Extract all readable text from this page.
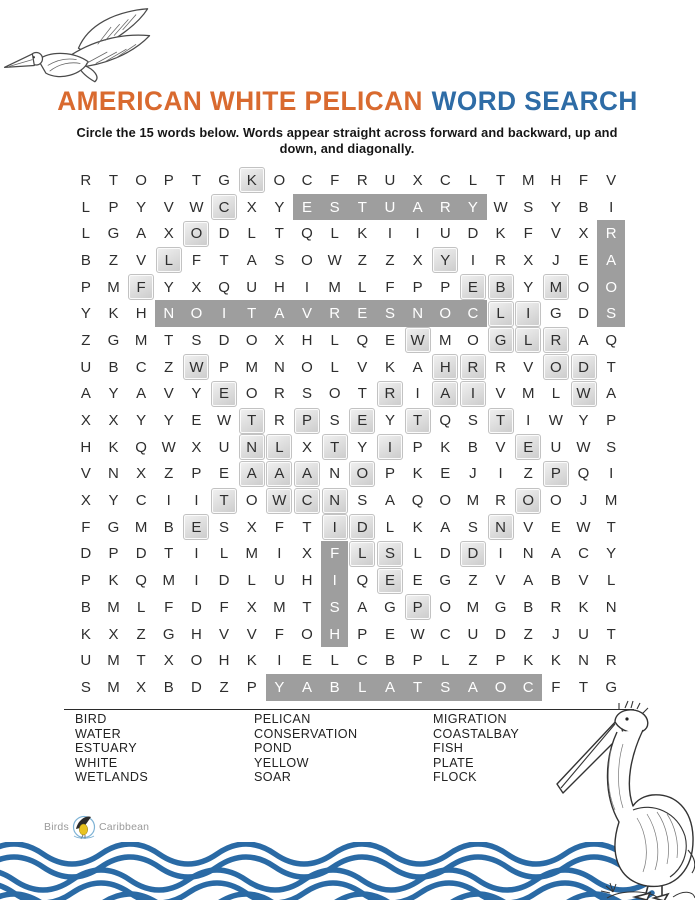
AMERICAN WHITE PELICAN WORD SEARCH

Circle the 15 words below. Words appear straight across forward and backward, up and down, and diagonally.

R T O P T G	K	O C F R U X C L T M H F V
L P Y V W	C	X Y E S T U A R Y W S Y B I
L G A X	O	D L T Q L K I I U D K F V X R
B Z V	L	F T A S O W Z Z X	Y	I R X J E A
P M	F	Y X Q U H I M L F P P	E	B	Y	M	O O
Y K H N O I T A V R E S N O C	L	I	G D S
Z G M T S D O X H L Q E	W M O	G	L	R	A Q
U B C Z	W	P M N O L V K A	H	R	R V	O	D	T
A Y A V Y	E	O R S O T	R	I	A	I	V M L	W	A
X X Y Y E W	T	R	P	S	E	Y	T	Q S	T	I W Y P
H K Q W X U	N	L	X	T	Y	I	P K B V	E	U W S
V N X Z P E	A	A	A	N	O	P K E J I Z	P	Q I
X Y C I I	T	O W	C	N	S A Q O M R	O	O J M
F G M B	E	S X F T	I	D	L K A S	N	V E W T
D P D T I L M I X F	L	S	L D	D	I N A C Y
P K Q M I D L U H I Q	E	E G Z V A B V L
B M L F D F X M T S A G	P	O M G B R K N
K X Z G H V V F O H P E W C U D Z J U T
U M T X O H K I E L C B P L Z P K K N R
S M X B D Z P Y A B L A T S A O C F T G
BIRD
WATER
ESTUARY
WHITE
WETLANDS
PELICAN
CONSERVATION
POND
YELLOW
SOAR
MIGRATION
COASTALBAY
FISH
PLATE
FLOCK
Birds	Caribbean
